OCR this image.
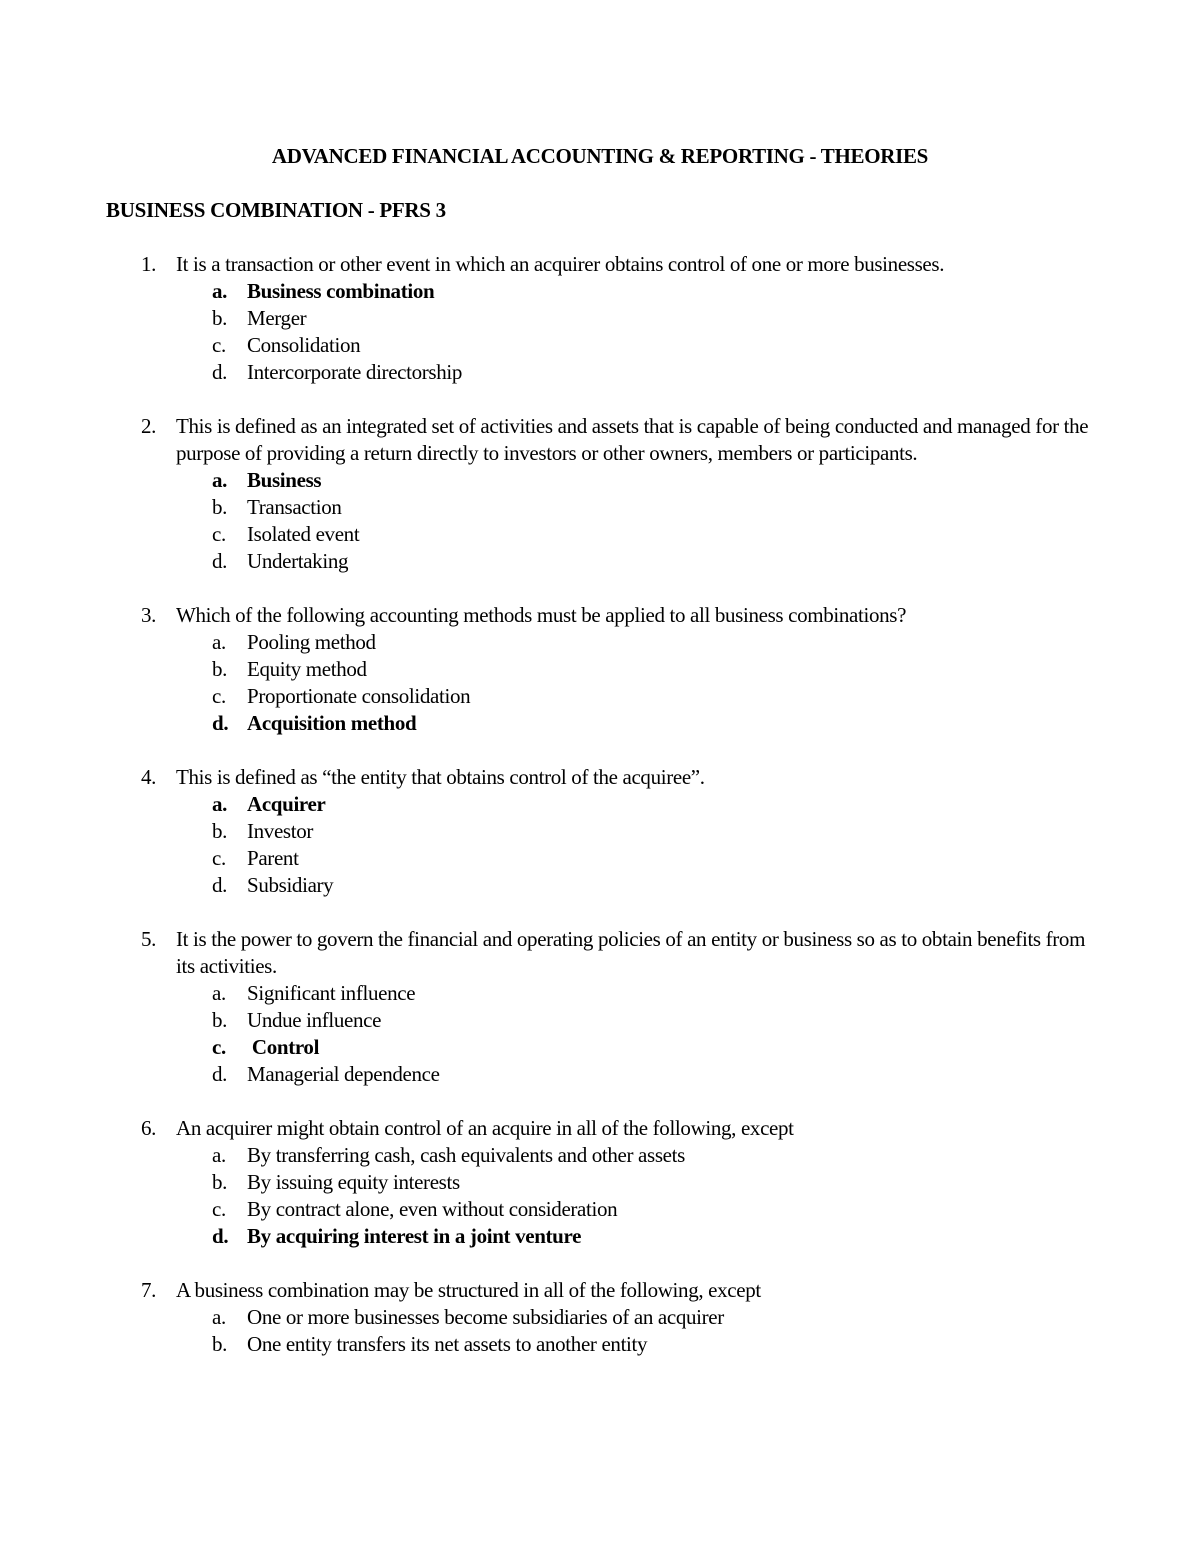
ADVANCED FINANCIAL ACCOUNTING & REPORTING - THEORIES
BUSINESS COMBINATION - PFRS 3
1. It is a transaction or other event in which an acquirer obtains control of one or more businesses.
a. Business combination
b. Merger
c. Consolidation
d. Intercorporate directorship
2. This is defined as an integrated set of activities and assets that is capable of being conducted and managed for the purpose of providing a return directly to investors or other owners, members or participants.
a. Business
b. Transaction
c. Isolated event
d. Undertaking
3. Which of the following accounting methods must be applied to all business combinations?
a. Pooling method
b. Equity method
c. Proportionate consolidation
d. Acquisition method
4. This is defined as “the entity that obtains control of the acquiree”.
a. Acquirer
b. Investor
c. Parent
d. Subsidiary
5. It is the power to govern the financial and operating policies of an entity or business so as to obtain benefits from its activities.
a. Significant influence
b. Undue influence
c. Control
d. Managerial dependence
6. An acquirer might obtain control of an acquire in all of the following, except
a. By transferring cash, cash equivalents and other assets
b. By issuing equity interests
c. By contract alone, even without consideration
d. By acquiring interest in a joint venture
7. A business combination may be structured in all of the following, except
a. One or more businesses become subsidiaries of an acquirer
b. One entity transfers its net assets to another entity
